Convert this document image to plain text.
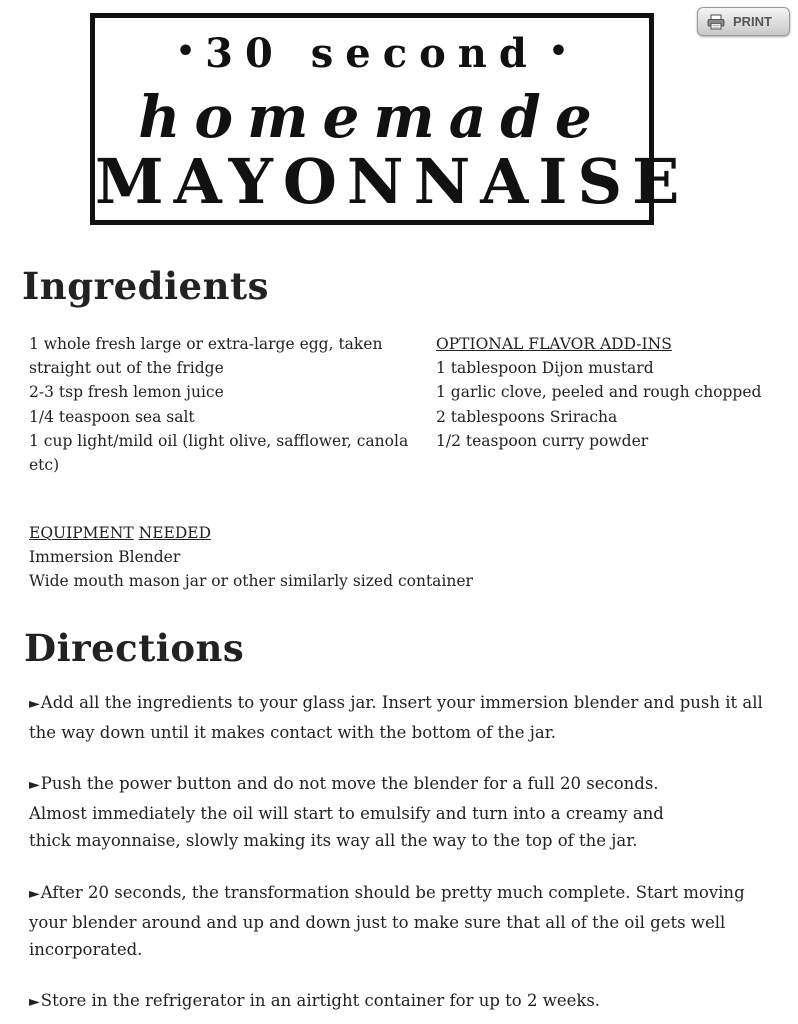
• 30 second •
homemade
MAYONNAISE
PRINT
Ingredients
1 whole fresh large or extra-large egg, taken straight out of the fridge
2-3 tsp fresh lemon juice
1/4 teaspoon sea salt
1 cup light/mild oil (light olive, safflower, canola etc)
OPTIONAL FLAVOR ADD-INS
1 tablespoon Dijon mustard
1 garlic clove, peeled and rough chopped
2 tablespoons Sriracha
1/2 teaspoon curry powder
EQUIPMENT NEEDED
Immersion Blender
Wide mouth mason jar or other similarly sized container
Directions

►Add all the ingredients to your glass jar. Insert your immersion blender and push it all the way down until it makes contact with the bottom of the jar.

►Push the power button and do not move the blender for a full 20 seconds. Almost immediately the oil will start to emulsify and turn into a creamy and thick mayonnaise, slowly making its way all the way to the top of the jar.

►After 20 seconds, the transformation should be pretty much complete. Start moving your blender around and up and down just to make sure that all of the oil gets well incorporated.

►Store in the refrigerator in an airtight container for up to 2 weeks.
